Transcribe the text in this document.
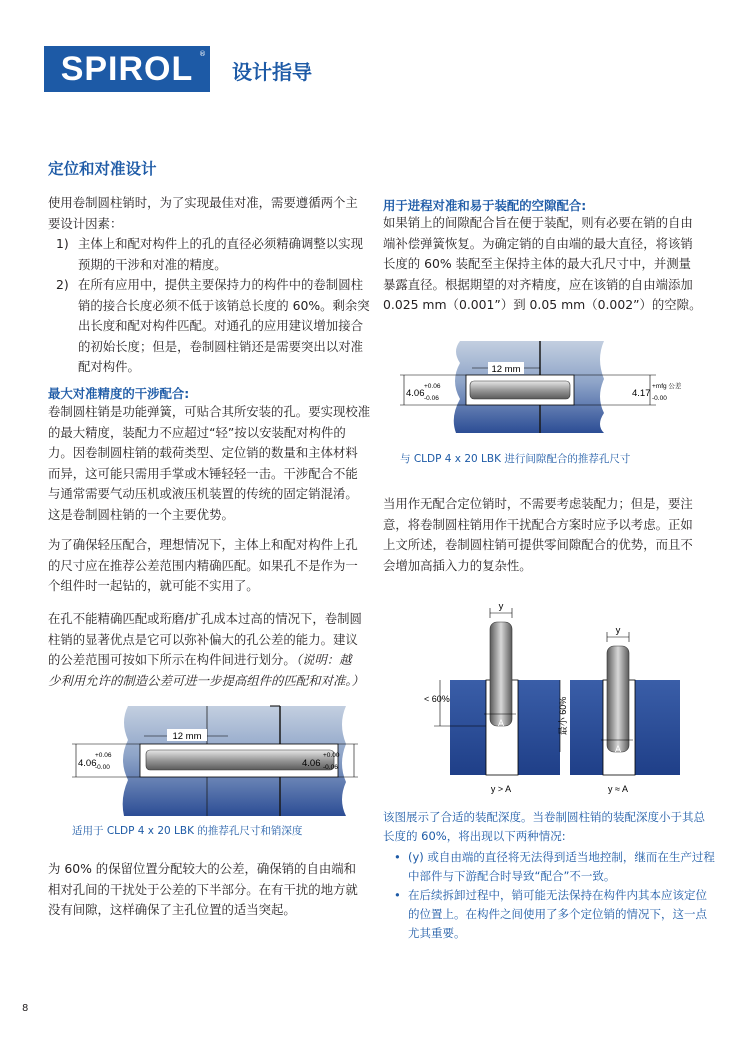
SPIROL ®
设计指导
定位和对准设计

使用卷制圆柱销时，为了实现最佳对准，需要遵循两个主
要设计因素：

1) 主体上和配对构件上的孔的直径必须精确调整以实现
预期的干涉和对准的精度。
2) 在所有应用中，提供主要保持力的构件中的卷制圆柱
销的接合长度必须不低于该销总长度的 60%。剩余突
出长度和配对构件匹配。对通孔的应用建议增加接合
的初始长度；但是，卷制圆柱销还是需要突出以对准
配对构件。
最大对准精度的干涉配合:

卷制圆柱销是功能弹簧，可贴合其所安装的孔。要实现校准
的最大精度，装配力不应超过“轻”按以安装配对构件的
力。因卷制圆柱销的载荷类型、定位销的数量和主体材料
而异，这可能只需用手掌或木锤轻轻一击。干涉配合不能
与通常需要气动压机或液压机装置的传统的固定销混淆。
这是卷制圆柱销的一个主要优势。

为了确保轻压配合，理想情况下，主体上和配对构件上孔
的尺寸应在推荐公差范围内精确匹配。如果孔不是作为一
个组件时一起钻的，就可能不实用了。

在孔不能精确匹配或珩磨/扩孔成本过高的情况下，卷制圆
柱销的显著优点是它可以弥补偏大的孔公差的能力。建议
的公差范围可按如下所示在构件间进行划分。（说明：越
少利用允许的制造公差可进一步提高组件的匹配和对准。）

12 mm
4.06
+0.06
-0.00	4.06
+0.00
-0.06

适用于 CLDP 4 x 20 LBK 的推荐孔尺寸和销深度

为 60% 的保留位置分配较大的公差，确保销的自由端和
相对孔间的干扰处于公差的下半部分。在有干扰的地方就
没有间隙，这样确保了主孔位置的适当突起。

用于进程对准和易于装配的空隙配合:

如果销上的间隙配合旨在便于装配，则有必要在销的自由
端补偿弹簧恢复。为确定销的自由端的最大直径，将该销
长度的 60% 装配至主保持主体的最大孔尺寸中，并测量
暴露直径。根据期望的对齐精度，应在该销的自由端添加
0.025 mm（0.001”）到 0.05 mm（0.002”）的空隙。

12 mm
4.06
+0.06
-0.06	4.17
+mfg 公差
-0.00

与 CLDP 4 x 20 LBK 进行间隙配合的推荐孔尺寸

当用作无配合定位销时，不需要考虑装配力；但是，要注
意，将卷制圆柱销用作干扰配合方案时应予以考虑。正如
上文所述，卷制圆柱销可提供零间隙配合的优势，而且不
会增加高插入力的复杂性。

y
< 60%
A
y > A
y
最小 60%
A
y ≈ A

该图展示了合适的装配深度。当卷制圆柱销的装配深度小于其总
长度的 60%，将出现以下两种情况:

• (y) 或自由端的直径将无法得到适当地控制，继而在生产过程
中部件与下游配合时导致“配合”不一致。
• 在后续拆卸过程中，销可能无法保持在构件内其本应该定位
的位置上。在构件之间使用了多个定位销的情况下，这一点
尤其重要。

8
